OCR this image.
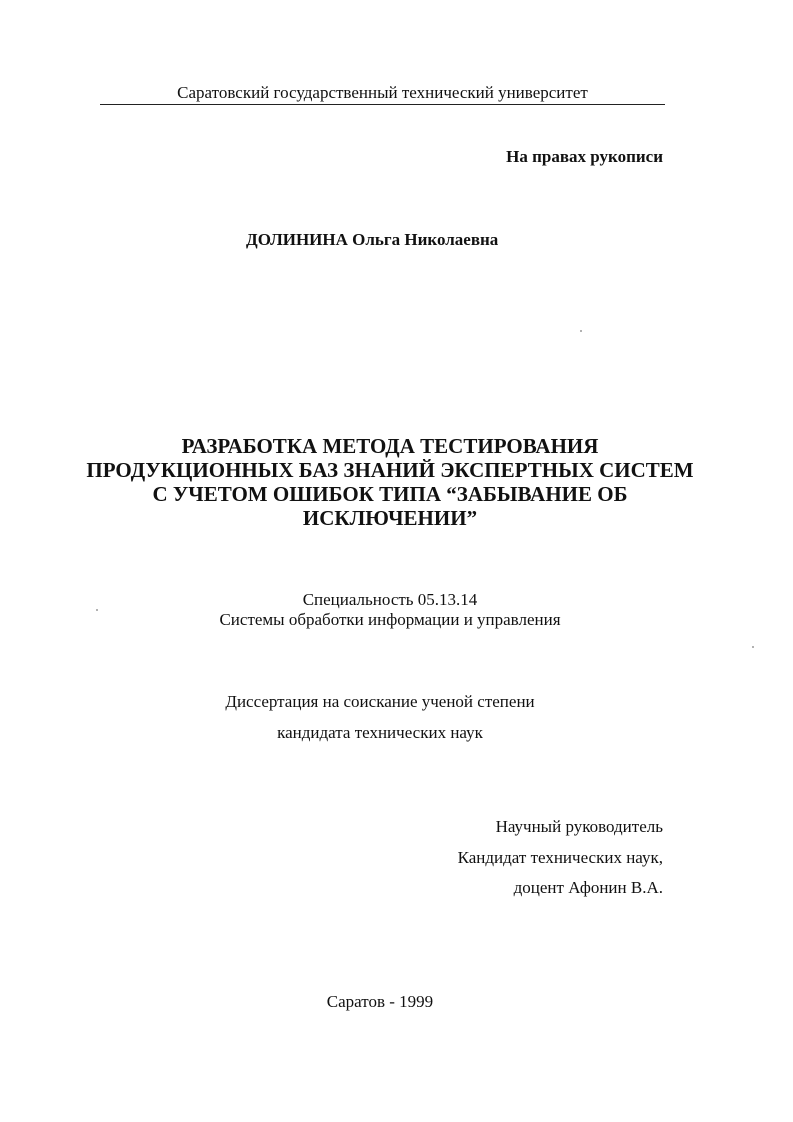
Саратовский государственный технический университет
На правах рукописи
ДОЛИНИНА Ольга Николаевна
РАЗРАБОТКА МЕТОДА ТЕСТИРОВАНИЯ
ПРОДУКЦИОННЫХ БАЗ ЗНАНИЙ ЭКСПЕРТНЫХ СИСТЕМ
С УЧЕТОМ ОШИБОК ТИПА “ЗАБЫВАНИЕ ОБ
ИСКЛЮЧЕНИИ”
Специальность 05.13.14
Системы обработки информации и управления
Диссертация на соискание ученой степени
кандидата технических наук
Научный руководитель
Кандидат технических наук,
доцент Афонин В.А.
Саратов - 1999
